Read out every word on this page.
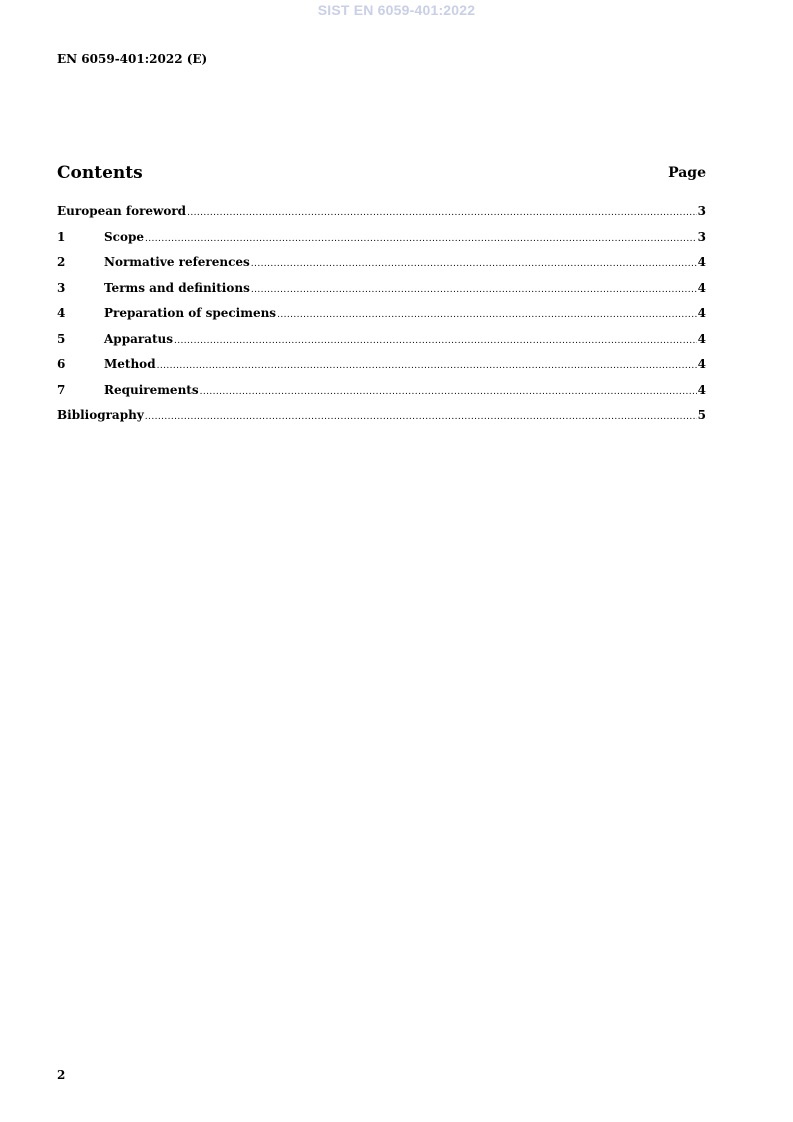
SIST EN 6059-401:2022
EN 6059-401:2022 (E)
Contents	Page
European foreword .....	3
1	Scope .....	3
2	Normative references .....	4
3	Terms and definitions .....	4
4	Preparation of specimens .....	4
5	Apparatus .....	4
6	Method .....	4
7	Requirements .....	4
Bibliography .....	5
2
